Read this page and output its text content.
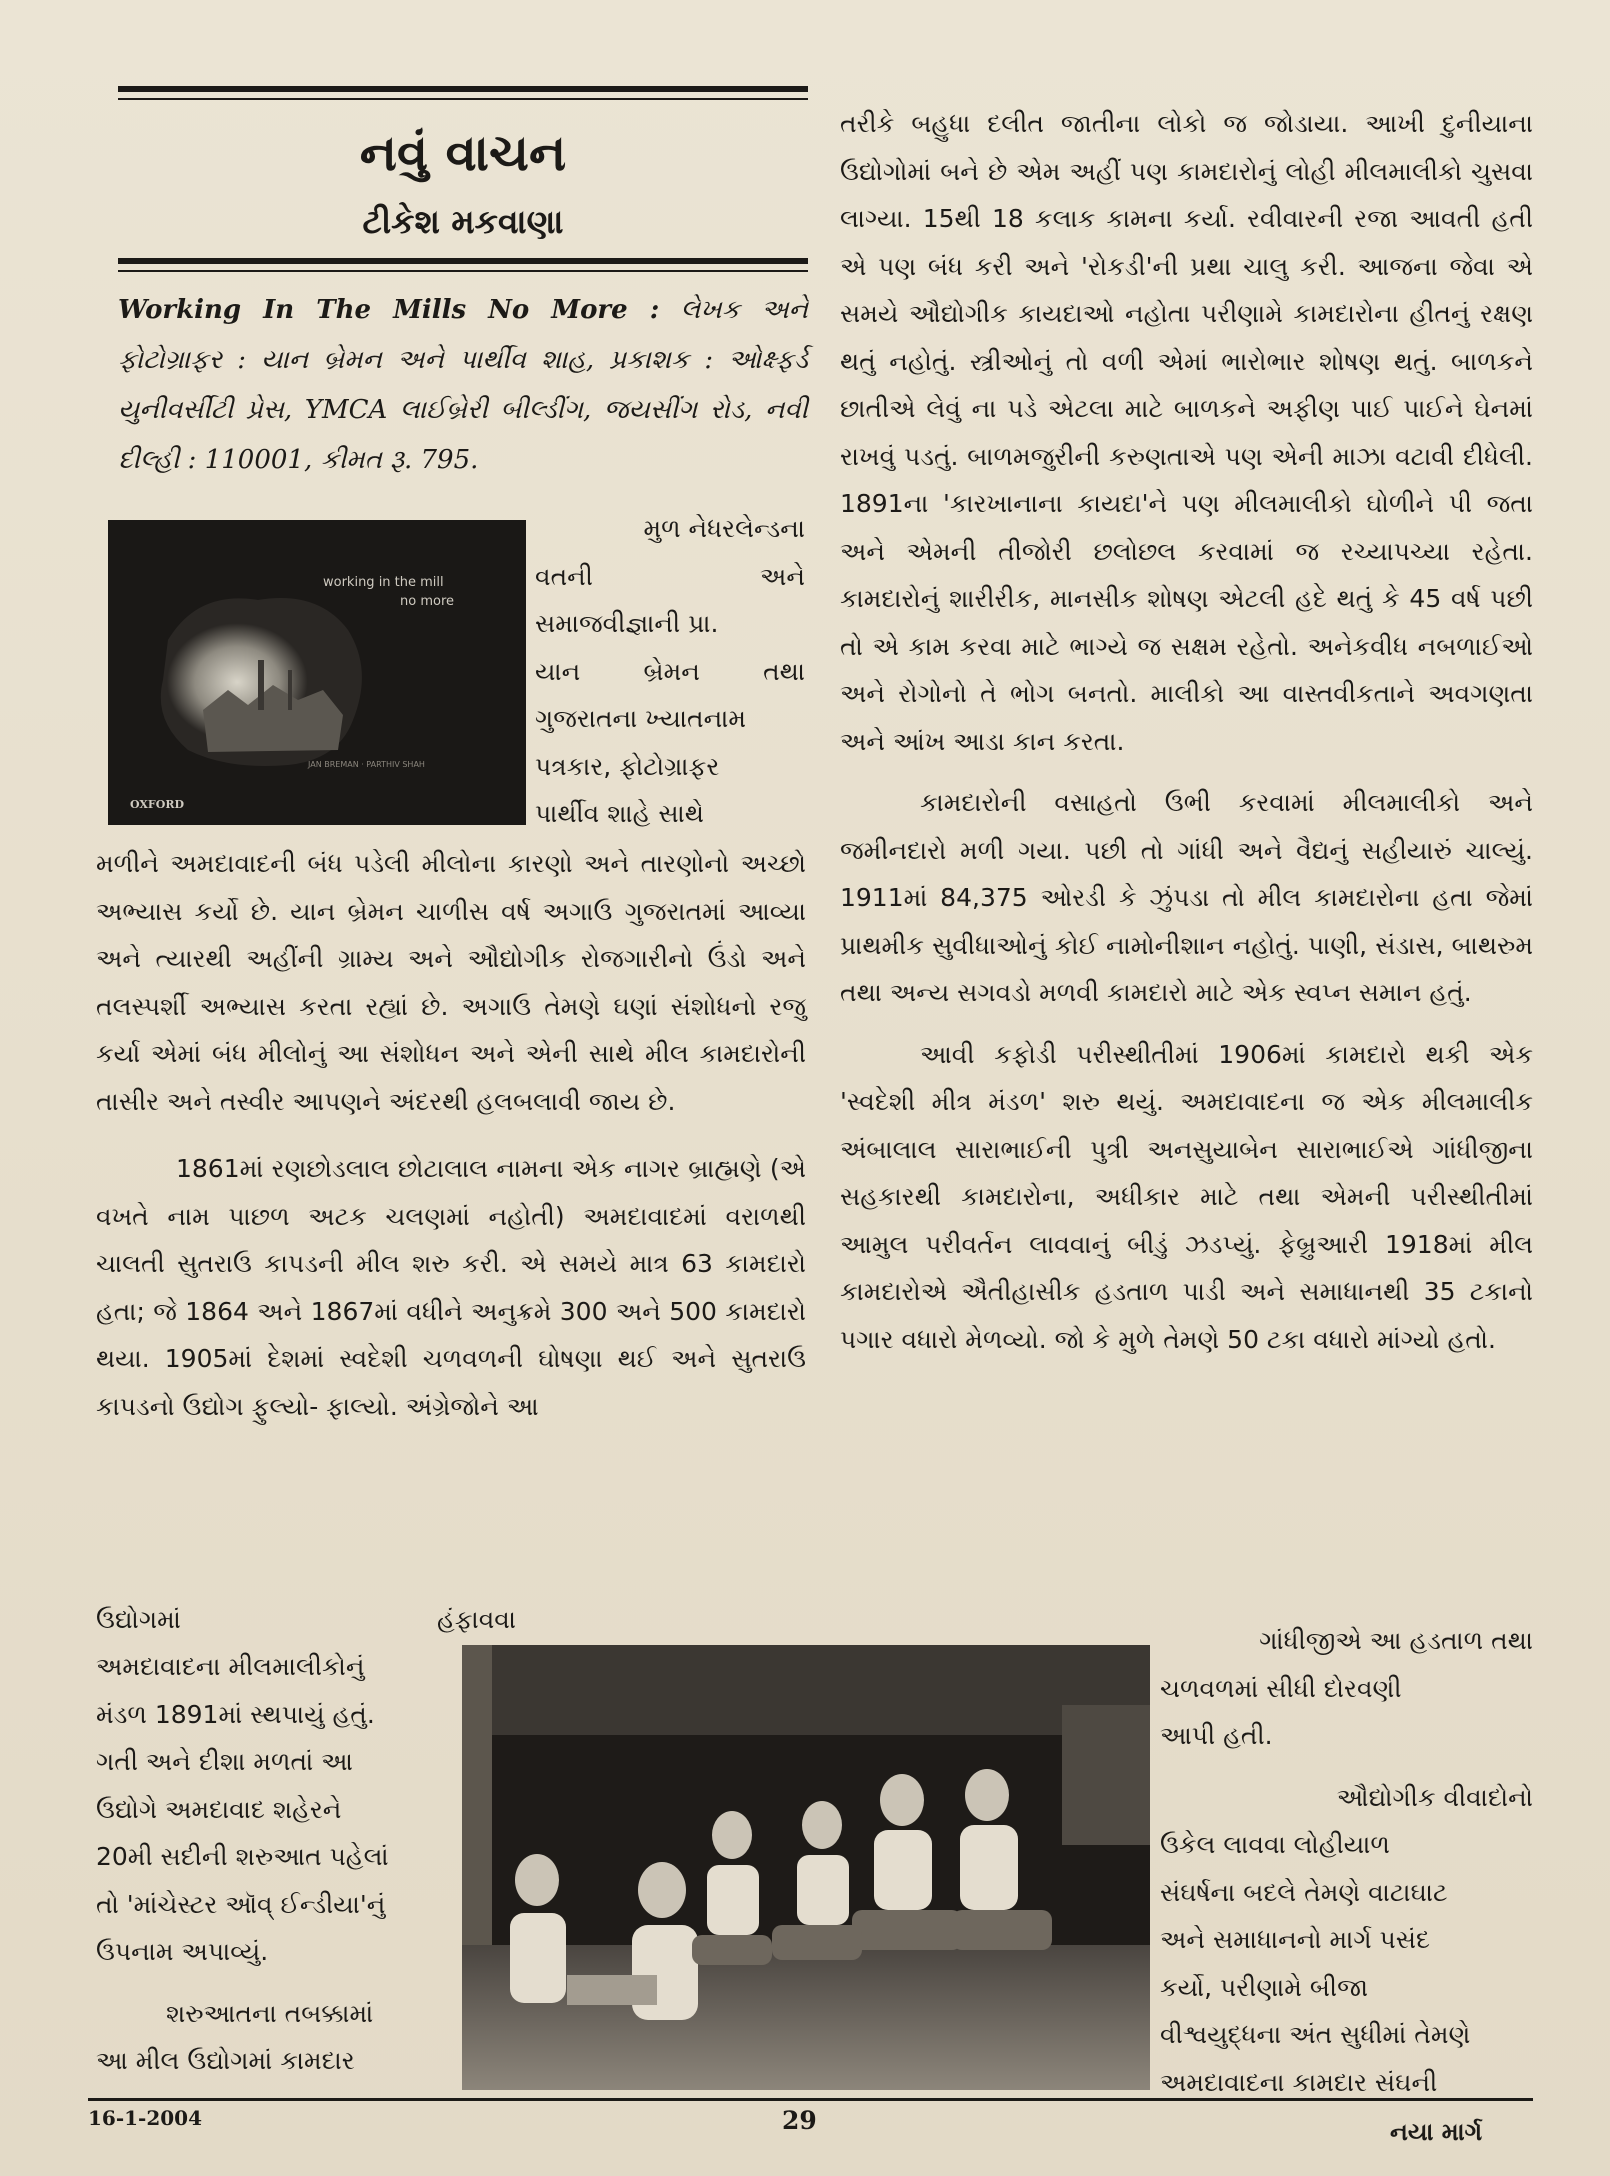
નવું વાચન
ટીકેશ મકવાણા

Working In The Mills No More : લેખક અને ફોટોગ્રાફર : યાન બ્રેમન અને પાર્થીવ શાહ, પ્રકાશક : ઓક્ષ્ફર્ડ યુનીવર્સીટી પ્રેસ, YMCA લાઈબ્રેરી બીલ્ડીંગ, જયસીંગ રોડ, નવી દીલ્હી : 110001, કીમત રૂ. 795.

working in the mill
no more
JAN BREMAN · PARTHIV SHAH
OXFORD
મુળ નેધરલેન્ડના
વતની અને
સમાજવીજ્ઞાની પ્રા.
યાન બ્રેમન તથા
ગુજરાતના ખ્યાતનામ
પત્રકાર, ફોટોગ્રાફર
પાર્થીવ શાહે સાથે

મળીને અમદાવાદની બંધ પડેલી મીલોના કારણો અને તારણોનો અચ્છો અભ્યાસ કર્યો છે. યાન બ્રેમન ચાળીસ વર્ષ અગાઉ ગુજરાતમાં આવ્યા અને ત્યારથી અહીંની ગ્રામ્ય અને ઔદ્યોગીક રોજગારીનો ઉંડો અને તલસ્પર્શી અભ્યાસ કરતા રહ્યાં છે. અગાઉ તેમણે ઘણાં સંશોધનો રજુ કર્યા એમાં બંધ મીલોનું આ સંશોધન અને એની સાથે મીલ કામદારોની તાસીર અને તસ્વીર આપણને અંદરથી હલબલાવી જાય છે.

1861માં રણછોડલાલ છોટાલાલ નામના એક નાગર બ્રાહ્મણે (એ વખતે નામ પાછળ અટક ચલણમાં નહોતી) અમદાવાદમાં વરાળથી ચાલતી સુતરાઉ કાપડની મીલ શરુ કરી. એ સમયે માત્ર 63 કામદારો હતા; જે 1864 અને 1867માં વધીને અનુક્રમે 300 અને 500 કામદારો થયા. 1905માં દેશમાં સ્વદેશી ચળવળની ઘોષણા થઈ અને સુતરાઉ કાપડનો ઉદ્યોગ ફુલ્યો- ફાલ્યો. અંગ્રેજોને આ

ઉદ્યોગમાં હંફાવવા
અમદાવાદના મીલમાલીકોનું
મંડળ 1891માં સ્થપાયું હતું.
ગતી અને દીશા મળતાં આ
ઉદ્યોગે અમદાવાદ શહેરને
20મી સદીની શરુઆત પહેલાં
તો 'માંચેસ્ટર ઑવ્ ઈન્ડીયા'નું
ઉપનામ અપાવ્યું.
શરુઆતના તબક્કામાં
આ મીલ ઉદ્યોગમાં કામદાર

તરીકે બહુધા દલીત જાતીના લોકો જ જોડાયા. આખી દુનીયાના ઉદ્યોગોમાં બને છે એમ અહીં પણ કામદારોનું લોહી મીલમાલીકો ચુસવા લાગ્યા. 15થી 18 કલાક કામના કર્યા. રવીવારની રજા આવતી હતી એ પણ બંધ કરી અને 'રોકડી'ની પ્રથા ચાલુ કરી. આજના જેવા એ સમયે ઔદ્યોગીક કાયદાઓ નહોતા પરીણામે કામદારોના હીતનું રક્ષણ થતું નહોતું. સ્ત્રીઓનું તો વળી એમાં ભારોભાર શોષણ થતું. બાળકને છાતીએ લેવું ના પડે એટલા માટે બાળકને અફીણ પાઈ પાઈને ઘેનમાં રાખવું પડતું. બાળમજુરીની કરુણતાએ પણ એની માઝા વટાવી દીધેલી. 1891ના 'કારખાનાના કાયદા'ને પણ મીલમાલીકો ઘોળીને પી જતા અને એમની તીજોરી છલોછલ કરવામાં જ રચ્યાપચ્યા રહેતા. કામદારોનું શારીરીક, માનસીક શોષણ એટલી હદે થતું કે 45 વર્ષ પછી તો એ કામ કરવા માટે ભાગ્યે જ સક્ષમ રહેતો. અનેકવીધ નબળાઈઓ અને રોગોનો તે ભોગ બનતો. માલીકો આ વાસ્તવીકતાને અવગણતા અને આંખ આડા કાન કરતા.

કામદારોની વસાહતો ઉભી કરવામાં મીલમાલીકો અને જમીનદારો મળી ગયા. પછી તો ગાંધી અને વૈદ્યનું સહીયારું ચાલ્યું. 1911માં 84,375 ઓરડી કે ઝુંપડા તો મીલ કામદારોના હતા જેમાં પ્રાથમીક સુવીધાઓનું કોઈ નામોનીશાન નહોતું. પાણી, સંડાસ, બાથરુમ તથા અન્ય સગવડો મળવી કામદારો માટે એક સ્વપ્ન સમાન હતું.

આવી કફોડી પરીસ્થીતીમાં 1906માં કામદારો થકી એક 'સ્વદેશી મીત્ર મંડળ' શરુ થયું. અમદાવાદના જ એક મીલમાલીક અંબાલાલ સારાભાઈની પુત્રી અનસુયાબેન સારાભાઈએ ગાંધીજીના સહકારથી કામદારોના, અધીકાર માટે તથા એમની પરીસ્થીતીમાં આમુલ પરીવર્તન લાવવાનું બીડું ઝડપ્યું. ફેબ્રુઆરી 1918માં મીલ કામદારોએ ઐતીહાસીક હડતાળ પાડી અને સમાધાનથી 35 ટકાનો પગાર વધારો મેળવ્યો. જો કે મુળે તેમણે 50 ટકા વધારો માંગ્યો હતો.

ગાંધીજીએ આ હડતાળ તથા
ચળવળમાં સીધી દોરવણી
આપી હતી.
ઔદ્યોગીક વીવાદોનો
ઉકેલ લાવવા લોહીયાળ
સંઘર્ષના બદલે તેમણે વાટાઘાટ
અને સમાધાનનો માર્ગ પસંદ
કર્યો, પરીણામે બીજા
વીશ્વયુદ્ધના અંત સુધીમાં તેમણે
અમદાવાદના કામદાર સંઘની
16-1-2004	29	નયા માર્ગ
